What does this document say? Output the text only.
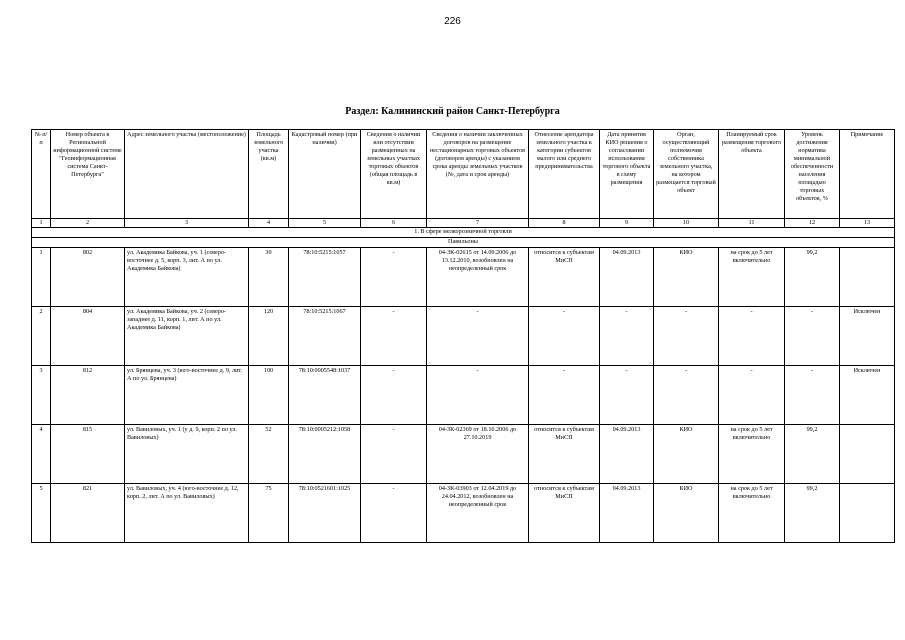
226
Раздел: Калининский район Санкт-Петербурга
№ п/п	Номер объекта в Региональной информационной системе "Геоинформационная система Санкт-Петербурга"	Адрес земельного участка (местоположение)	Площадь земельного участка (кв.м)	Кадастровый номер (при наличии)	Сведения о наличии или отсутствии размещенных на земельных участках торговых объектов (общая площадь в кв.м)	Сведения о наличии заключенных договоров на размещение нестационарных торговых объектов (договоров аренды) с указанием срока аренды земельных участков (№, дата и срок аренды)	Отнесение арендатора земельного участка к категории субъектов малого или среднего предпринимательства	Дата принятия КИО решения о согласовании испольования торгового объекта в схему размещения	Орган, осуществляющий полномочия собственника земельного участка, на котором размещается торговый объект	Планируемый срок размещения торгового объекта	Уровень достижения норматива минимальной обеспеченности населения площадью торговых объектов, %	Примечание
1	2	3	4	5	6	7	8	9	10	11	12	13
1. В сфере мелкорозничной торговли												
Павильоны												
1	802	ул. Академика Байкова, уч. 1 (северо-восточнее д. 5, корп. 3, лит. А по ул. Академика Байкова)	30	78:10:5215:1057	-	04-ЗК-02615 от 14.09.2006 до 13.12.2010, возобновлен на неопределенный срок	относится к субъектам МиСП	04.09.2013	КИО	на срок до 5 лет включительно	99,2	
2	804	ул. Академика Байкова, уч. 2 (северо-западнее д. 11, корп. 1, лит. А по ул. Академика Байкова)	120	78:10:5215:1067	-	-	-	-	-	-	-	Исключен
3	812	ул. Брянцева, уч. 3 (юго-восточнее д. 9, лит. А по ул. Брянцева)	100	78:10:0005548:1037	-	-	-	-	-	-	-	Исключен
4	815	ул. Вавиловых, уч. 1 (у д. 9, корп. 2 по ул. Вавиловых)	52	78:10:0005212:1058	-	04-ЗК-02369 от 18.10.2006 до 27.10.2019	относится к субъектам МиСП	04.09.2013	КИО	на срок до 5 лет включительно	99,2	
5	821	ул. Вавиловых, уч. 4 (юго-восточнее д. 12, корп. 2, лит. А по ул. Вавиловых)	75	78:10:0521601:1025	-	04-ЗК-03903 от 12.04.2019 до 24.04.2012, возобновлен на неопределенный срок	относится к субъектам МиСП	04.09.2013	КИО	на срок до 5 лет включительно	99,2	
